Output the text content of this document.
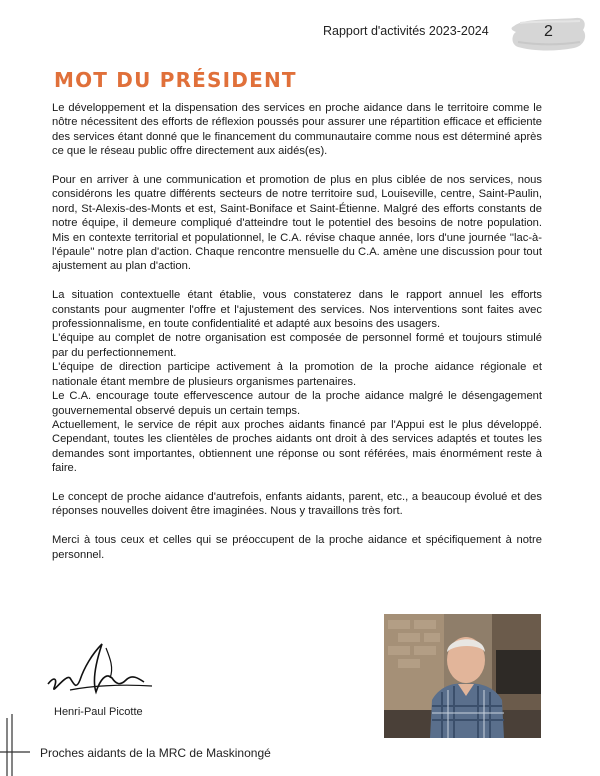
Rapport d'activités 2023-2024	2
MOT DU PRÉSIDENT

Le développement et la dispensation des services en proche aidance dans le territoire comme le nôtre nécessitent des efforts de réflexion poussés pour assurer une répartition efficace et efficiente des services étant donné que le financement du communautaire comme nous est déterminé après ce que le réseau public offre directement aux aidés(es).

Pour en arriver à une communication et promotion de plus en plus ciblée de nos services, nous considérons les quatre différents secteurs de notre territoire sud, Louiseville, centre, Saint-Paulin, nord, St-Alexis-des-Monts et est, Saint-Boniface et Saint-Étienne. Malgré des efforts constants de notre équipe, il demeure compliqué d'atteindre tout le potentiel des besoins de notre population. Mis en contexte territorial et populationnel, le C.A. révise chaque année, lors d'une journée ''lac-à-l'épaule'' notre plan d'action. Chaque rencontre mensuelle du C.A. amène une discussion pour tout ajustement au plan d'action.

La situation contextuelle étant établie, vous constaterez dans le rapport annuel les efforts constants pour augmenter l'offre et l'ajustement des services. Nos interventions sont faites avec professionnalisme, en toute confidentialité et adapté aux besoins des usagers.

L'équipe au complet de notre organisation est composée de personnel formé et toujours stimulé par du perfectionnement.

L'équipe de direction participe activement à la promotion de la proche aidance régionale et nationale étant membre de plusieurs organismes partenaires.

Le C.A. encourage toute effervescence autour de la proche aidance malgré le désengagement gouvernemental observé depuis un certain temps.

Actuellement, le service de répit aux proches aidants financé par l'Appui est le plus développé. Cependant, toutes les clientèles de proches aidants ont droit à des services adaptés et toutes les demandes sont importantes, obtiennent une réponse ou sont référées, mais énormément reste à faire.

Le concept de proche aidance d'autrefois, enfants aidants, parent, etc., a beaucoup évolué et des réponses nouvelles doivent être imaginées. Nous y travaillons très fort.

Merci à tous ceux et celles qui se préoccupent de la proche aidance et spécifiquement à notre personnel.

Henri-Paul Picotte
Proches aidants de la MRC de Maskinongé
